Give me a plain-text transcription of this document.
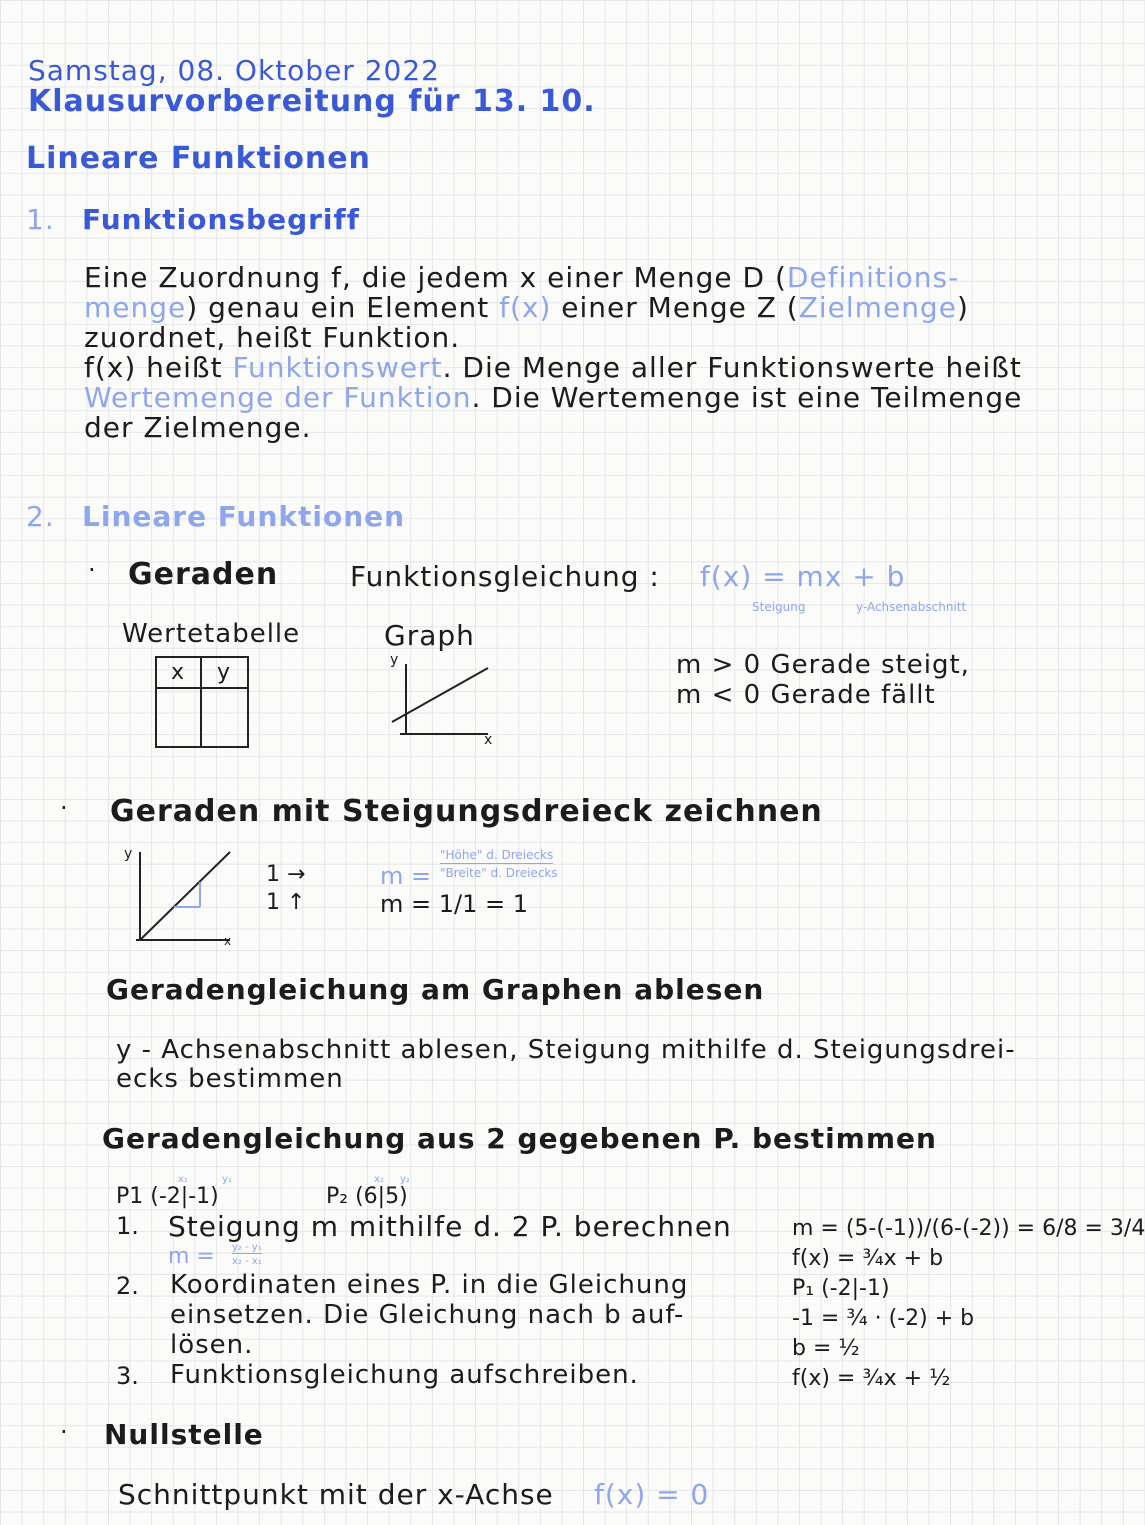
Samstag, 08. Oktober 2022
Klausurvorbereitung für 13. 10.
Lineare Funktionen
1. Funktionsbegriff
Eine Zuordnung f, die jedem x einer Menge D (Definitions-
menge) genau ein Element f(x) einer Menge Z (Zielmenge)
zuordnet, heißt Funktion.
f(x) heißt Funktionswert. Die Menge aller Funktionswerte heißt
Wertemenge der Funktion. Die Wertemenge ist eine Teilmenge
der Zielmenge.
2. Lineare Funktionen
· Geraden	Funktionsgleichung : f(x) = mx + b
Steigung	y-Achsenabschnitt
Wertetabelle
x y
Graph
y
x
m > 0 Gerade steigt,
m < 0 Gerade fällt
· Geraden mit Steigungsdreieck zeichnen
y
x
1 →
1 ↑
m =
"Höhe" d. Dreiecks
"Breite" d. Dreiecks
m = 1/1 = 1
Geradengleichung am Graphen ablesen
y - Achsenabschnitt ablesen, Steigung mithilfe d. Steigungsdrei-
ecks bestimmen
Geradengleichung aus 2 gegebenen P. bestimmen
x₁	y₁	x₂ y₂
P1 (-2|-1)	P₂ (6|5)
1. Steigung m mithilfe d. 2 P. berechnen
m = y₂ - y₁
x₂ - x₁
2. Koordinaten eines P. in die Gleichung
einsetzen. Die Gleichung nach b auf-
lösen.
3. Funktionsgleichung aufschreiben.
m = (5-(-1))/(6-(-2)) = 6/8 = 3/4
f(x) = ¾x + b
P₁ (-2|-1)
-1 = ¾ · (-2) + b
b = ½
f(x) = ¾x + ½
· Nullstelle
Schnittpunkt mit der x-Achse f(x) = 0
